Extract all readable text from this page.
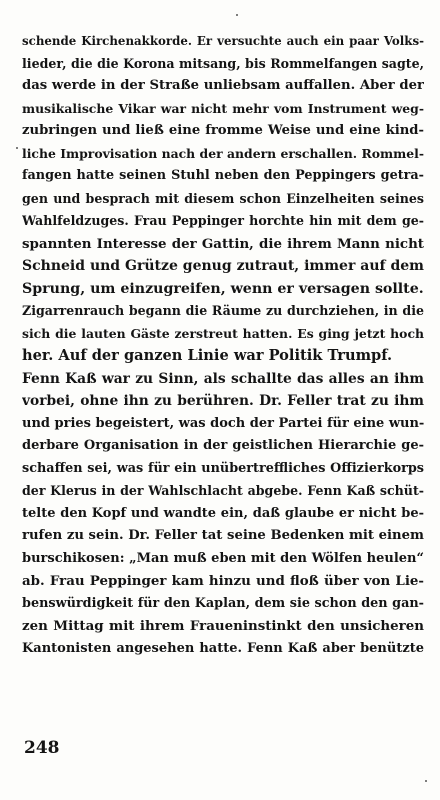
schende Kirchenakkorde. Er versuchte auch ein paar Volks-
lieder, die die Korona mitsang, bis Rommelfangen sagte,
das werde in der Straße unliebsam auffallen. Aber der
musikalische Vikar war nicht mehr vom Instrument weg-
zubringen und ließ eine fromme Weise und eine kind-
liche Improvisation nach der andern erschallen. Rommel-
fangen hatte seinen Stuhl neben den Peppingers getra-
gen und besprach mit diesem schon Einzelheiten seines
Wahlfeldzuges. Frau Peppinger horchte hin mit dem ge-
spannten Interesse der Gattin, die ihrem Mann nicht
Schneid und Grütze genug zutraut, immer auf dem
Sprung, um einzugreifen, wenn er versagen sollte.
Zigarrenrauch begann die Räume zu durchziehen, in die
sich die lauten Gäste zerstreut hatten. Es ging jetzt hoch
her. Auf der ganzen Linie war Politik Trumpf.
Fenn Kaß war zu Sinn, als schallte das alles an ihm
vorbei, ohne ihn zu berühren. Dr. Feller trat zu ihm
und pries begeistert, was doch der Partei für eine wun-
derbare Organisation in der geistlichen Hierarchie ge-
schaffen sei, was für ein unübertreffliches Offizierkorps
der Klerus in der Wahlschlacht abgebe. Fenn Kaß schüt-
telte den Kopf und wandte ein, daß glaube er nicht be-
rufen zu sein. Dr. Feller tat seine Bedenken mit einem
burschikosen: „Man muß eben mit den Wölfen heulen“
ab. Frau Peppinger kam hinzu und floß über von Lie-
benswürdigkeit für den Kaplan, dem sie schon den gan-
zen Mittag mit ihrem Fraueninstinkt den unsicheren
Kantonisten angesehen hatte. Fenn Kaß aber benützte
248
